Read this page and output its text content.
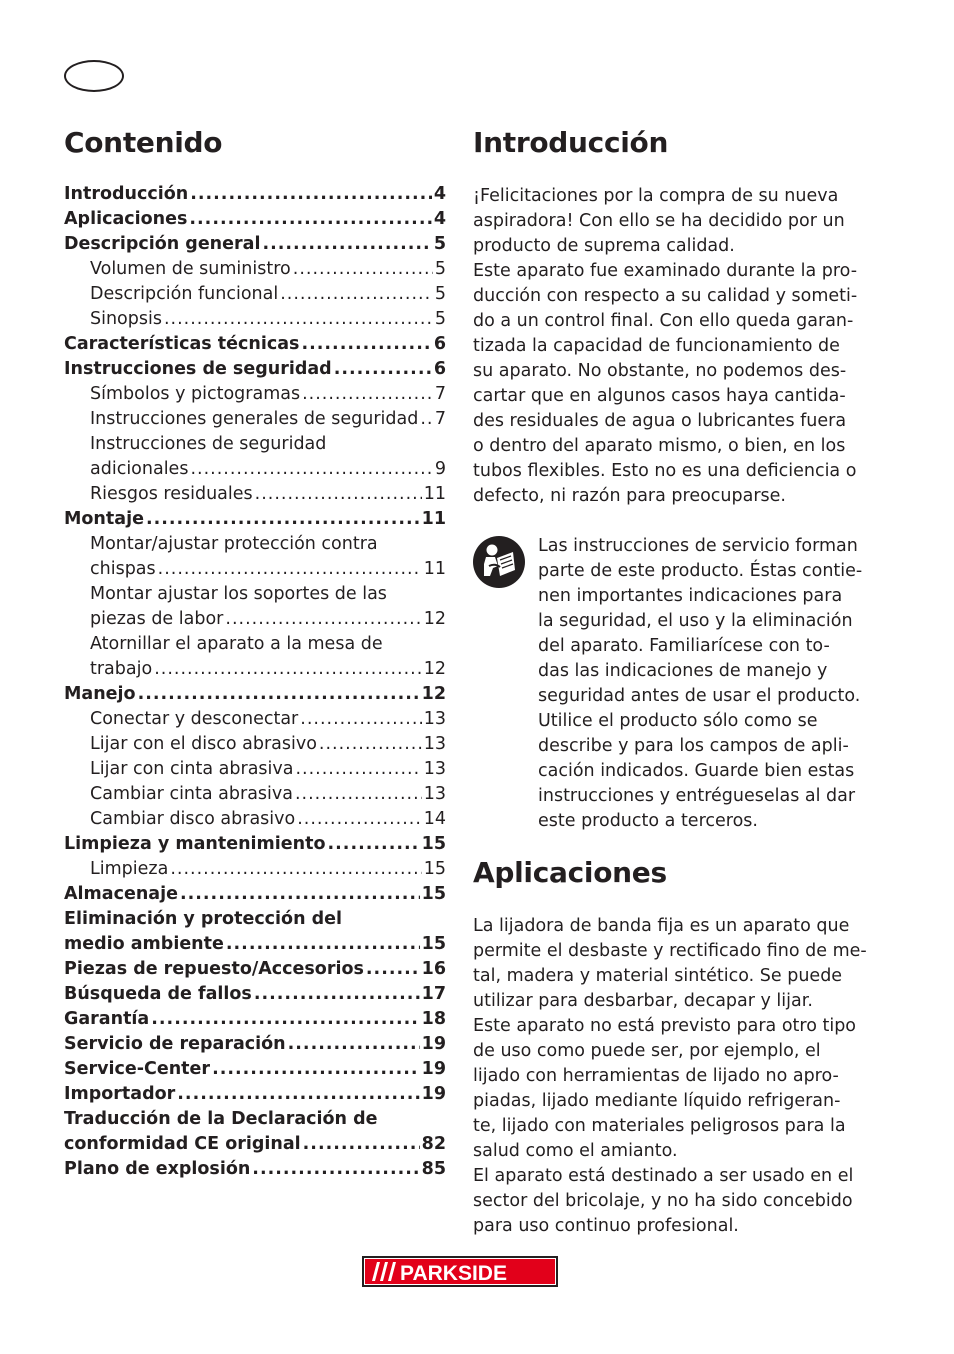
Contenido
Introducción .....	4
Aplicaciones .....	4
Descripción general .....	5
Volumen de suministro .....	5
Descripción funcional .....	5
Sinopsis .....	5
Características técnicas .....	6
Instrucciones de seguridad .....	6
Símbolos y pictogramas .....	7
Instrucciones generales de seguridad ..... 7
Instrucciones de seguridad
adicionales .....	9
Riesgos residuales .....	11
Montaje .....	11
Montar/ajustar protección contra
chispas .....	11
Montar ajustar los soportes de las
piezas de labor .....	12
Atornillar el aparato a la mesa de
trabajo .....	12
Manejo .....	12
Conectar y desconectar .....	13
Lijar con el disco abrasivo .....	13
Lijar con cinta abrasiva .....	13
Cambiar cinta abrasiva .....	13
Cambiar disco abrasivo .....	14
Limpieza y mantenimiento .....	15
Limpieza .....	15
Almacenaje .....	15
Eliminación y protección del
medio ambiente .....	15
Piezas de repuesto/Accesorios .....	16
Búsqueda de fallos .....	17
Garantía .....	18
Servicio de reparación .....	19
Service-Center .....	19
Importador .....	19
Traducción de la Declaración de
conformidad CE original .....	82
Plano de explosión .....	85
Introducción
¡Felicitaciones por la compra de su nueva
aspiradora! Con ello se ha decidido por un
producto de suprema calidad.
Este aparato fue examinado durante la pro-
ducción con respecto a su calidad y someti-
do a un control final. Con ello queda garan-
tizada la capacidad de funcionamiento de
su aparato. No obstante, no podemos des-
cartar que en algunos casos haya cantida-
des residuales de agua o lubricantes fuera
o dentro del aparato mismo, o bien, en los
tubos flexibles. Esto no es una deficiencia o
defecto, ni razón para preocuparse.
Las instrucciones de servicio forman
parte de este producto. Éstas contie-
nen importantes indicaciones para
la seguridad, el uso y la eliminación
del aparato. Familiarícese con to-
das las indicaciones de manejo y
seguridad antes de usar el producto.
Utilice el producto sólo como se
describe y para los campos de apli-
cación indicados. Guarde bien estas
instrucciones y entrégueselas al dar
este producto a terceros.
Aplicaciones
La lijadora de banda fija es un aparato que
permite el desbaste y rectificado fino de me-
tal, madera y material sintético. Se puede
utilizar para desbarbar, decapar y lijar.
Este aparato no está previsto para otro tipo
de uso como puede ser, por ejemplo, el
lijado con herramientas de lijado no apro-
piadas, lijado mediante líquido refrigeran-
te, lijado con materiales peligrosos para la
salud como el amianto.
El aparato está destinado a ser usado en el
sector del bricolaje, y no ha sido concebido
para uso continuo profesional.
PARKSIDE
